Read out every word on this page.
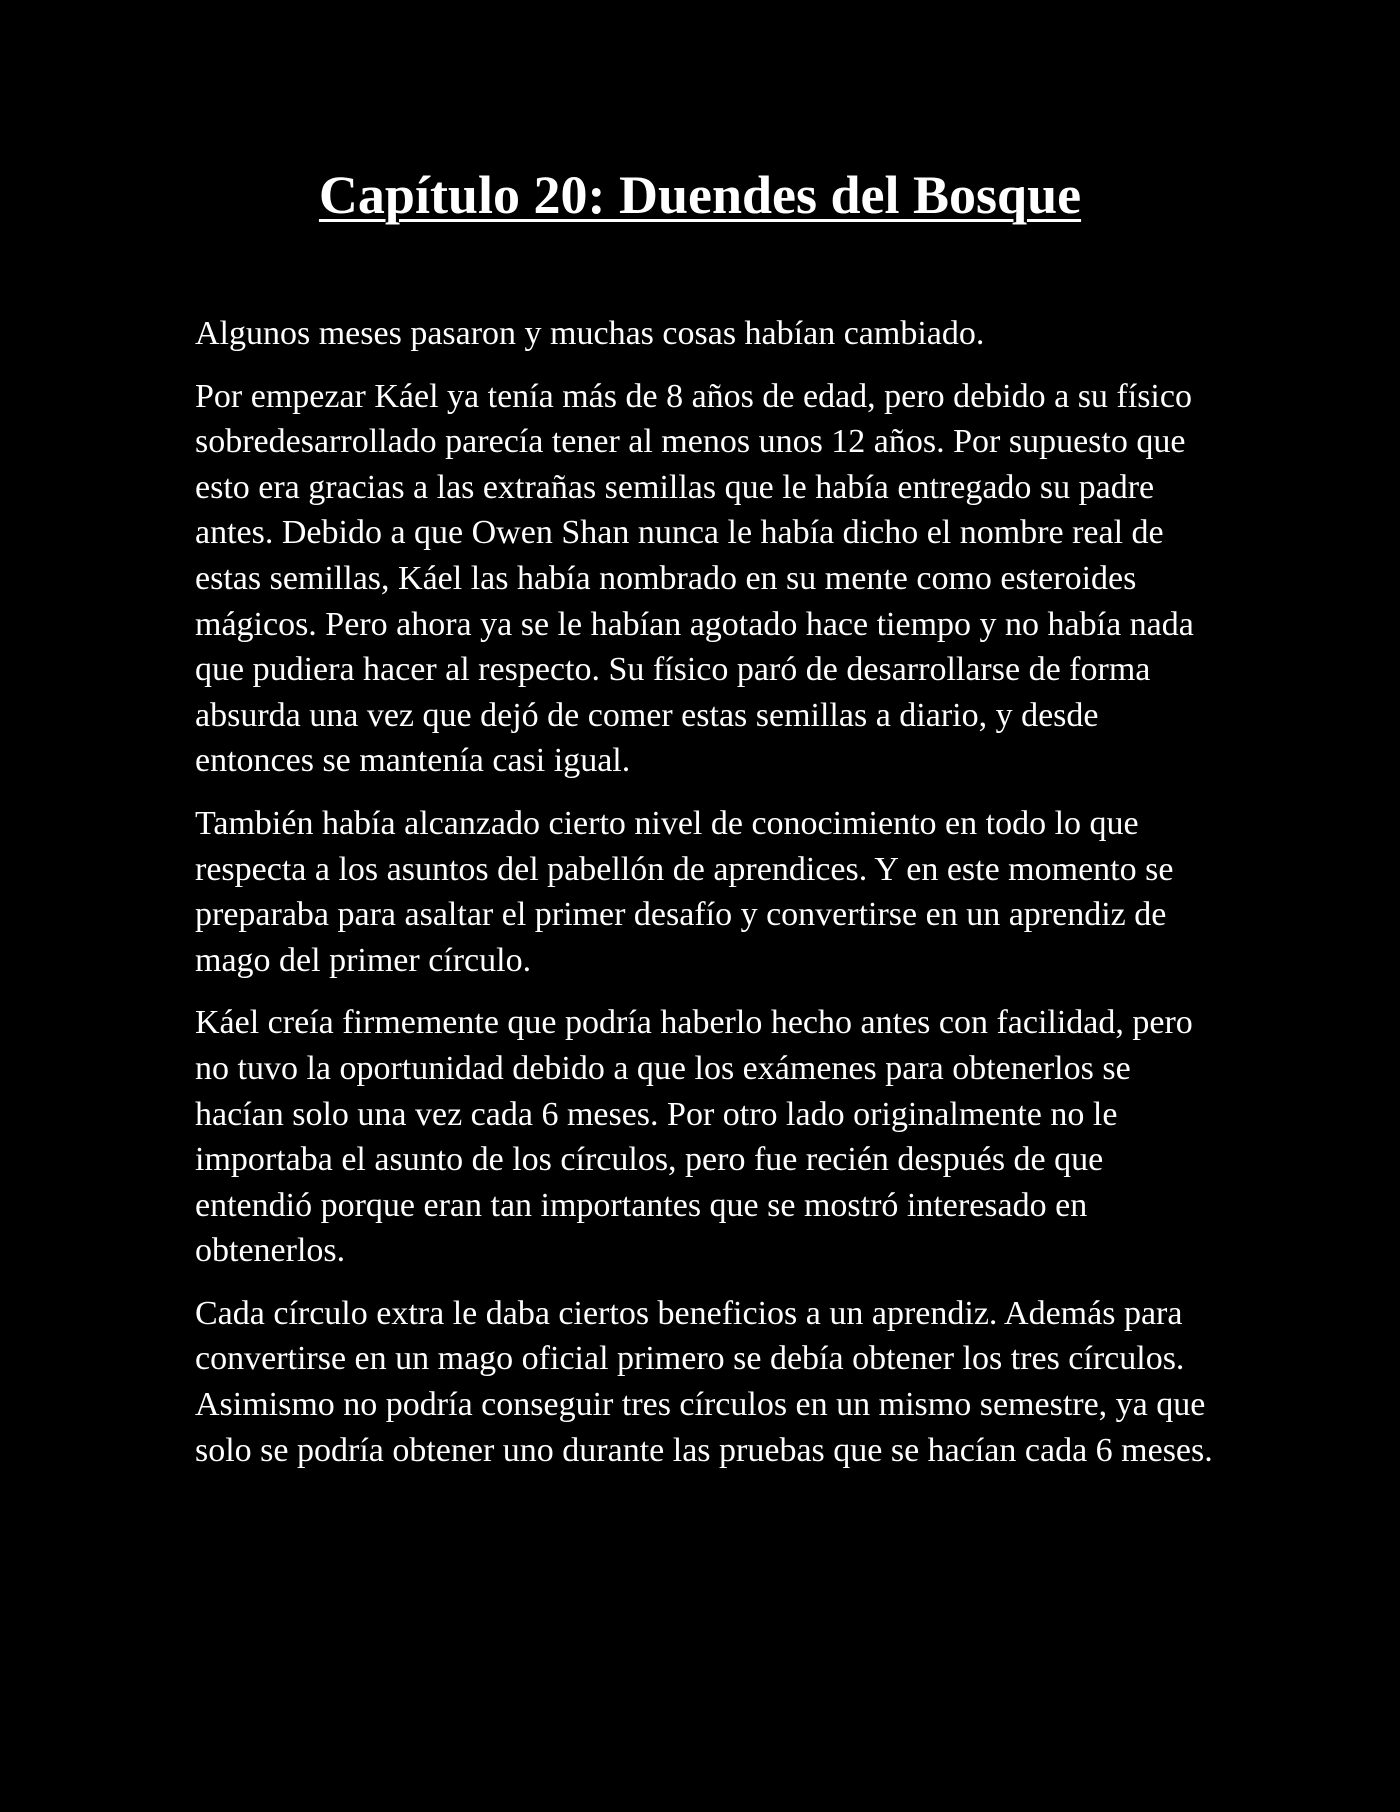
Capítulo 20: Duendes del Bosque

Algunos meses pasaron y muchas cosas habían cambiado.

Por empezar Káel ya tenía más de 8 años de edad, pero debido a su físico sobredesarrollado parecía tener al menos unos 12 años. Por supuesto que esto era gracias a las extrañas semillas que le había entregado su padre antes. Debido a que Owen Shan nunca le había dicho el nombre real de estas semillas, Káel las había nombrado en su mente como esteroides mágicos. Pero ahora ya se le habían agotado hace tiempo y no había nada que pudiera hacer al respecto. Su físico paró de desarrollarse de forma absurda una vez que dejó de comer estas semillas a diario, y desde entonces se mantenía casi igual.

También había alcanzado cierto nivel de conocimiento en todo lo que respecta a los asuntos del pabellón de aprendices. Y en este momento se preparaba para asaltar el primer desafío y convertirse en un aprendiz de mago del primer círculo.

Káel creía firmemente que podría haberlo hecho antes con facilidad, pero no tuvo la oportunidad debido a que los exámenes para obtenerlos se hacían solo una vez cada 6 meses. Por otro lado originalmente no le importaba el asunto de los círculos, pero fue recién después de que entendió porque eran tan importantes que se mostró interesado en obtenerlos.

Cada círculo extra le daba ciertos beneficios a un aprendiz. Además para convertirse en un mago oficial primero se debía obtener los tres círculos. Asimismo no podría conseguir tres círculos en un mismo semestre, ya que solo se podría obtener uno durante las pruebas que se hacían cada 6 meses.
